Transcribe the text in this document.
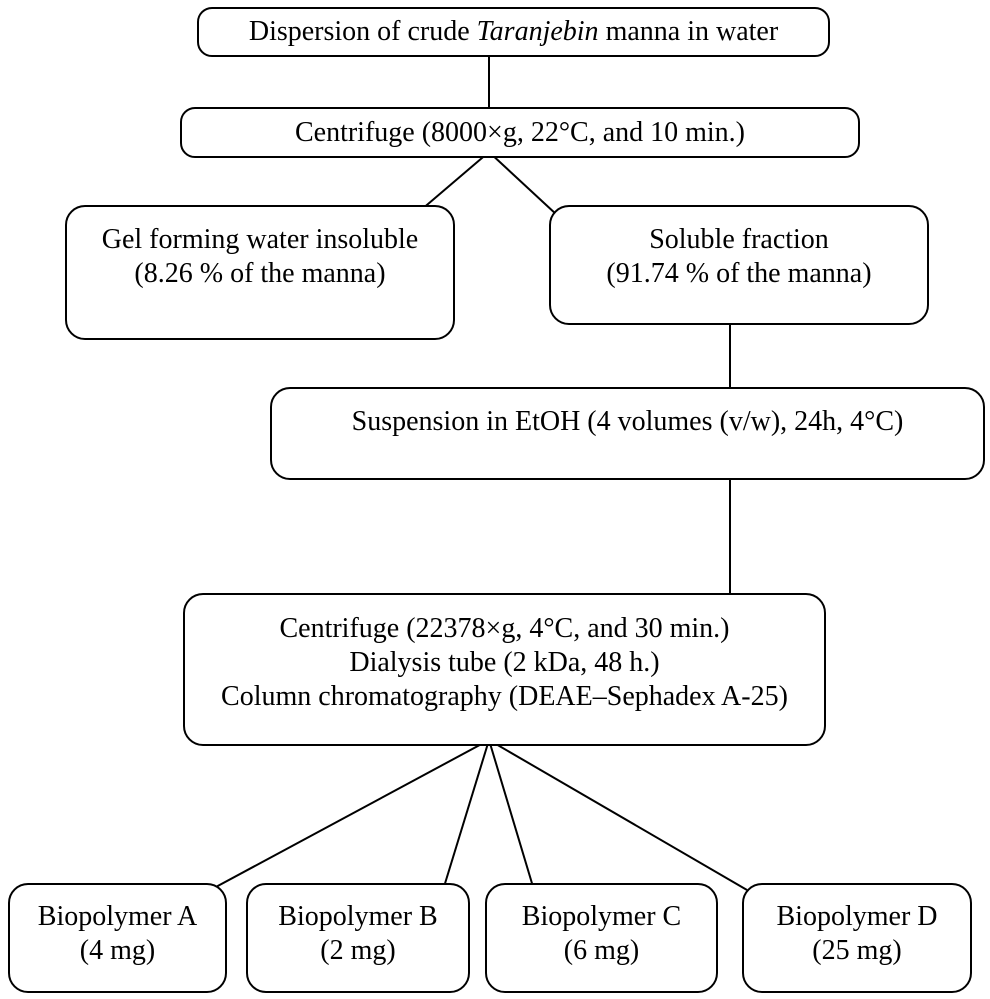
Dispersion of crude Taranjebin manna in water
Centrifuge (8000×g, 22°C, and 10 min.)
Gel forming water insoluble
(8.26 % of the manna)
Soluble fraction
(91.74 % of the manna)
Suspension in EtOH (4 volumes (v/w), 24h, 4°C)
Centrifuge (22378×g, 4°C, and 30 min.)
Dialysis tube (2 kDa, 48 h.)
Column chromatography (DEAE–Sephadex A-25)
Biopolymer A
(4 mg)
Biopolymer B
(2 mg)
Biopolymer C
(6 mg)
Biopolymer D
(25 mg)
